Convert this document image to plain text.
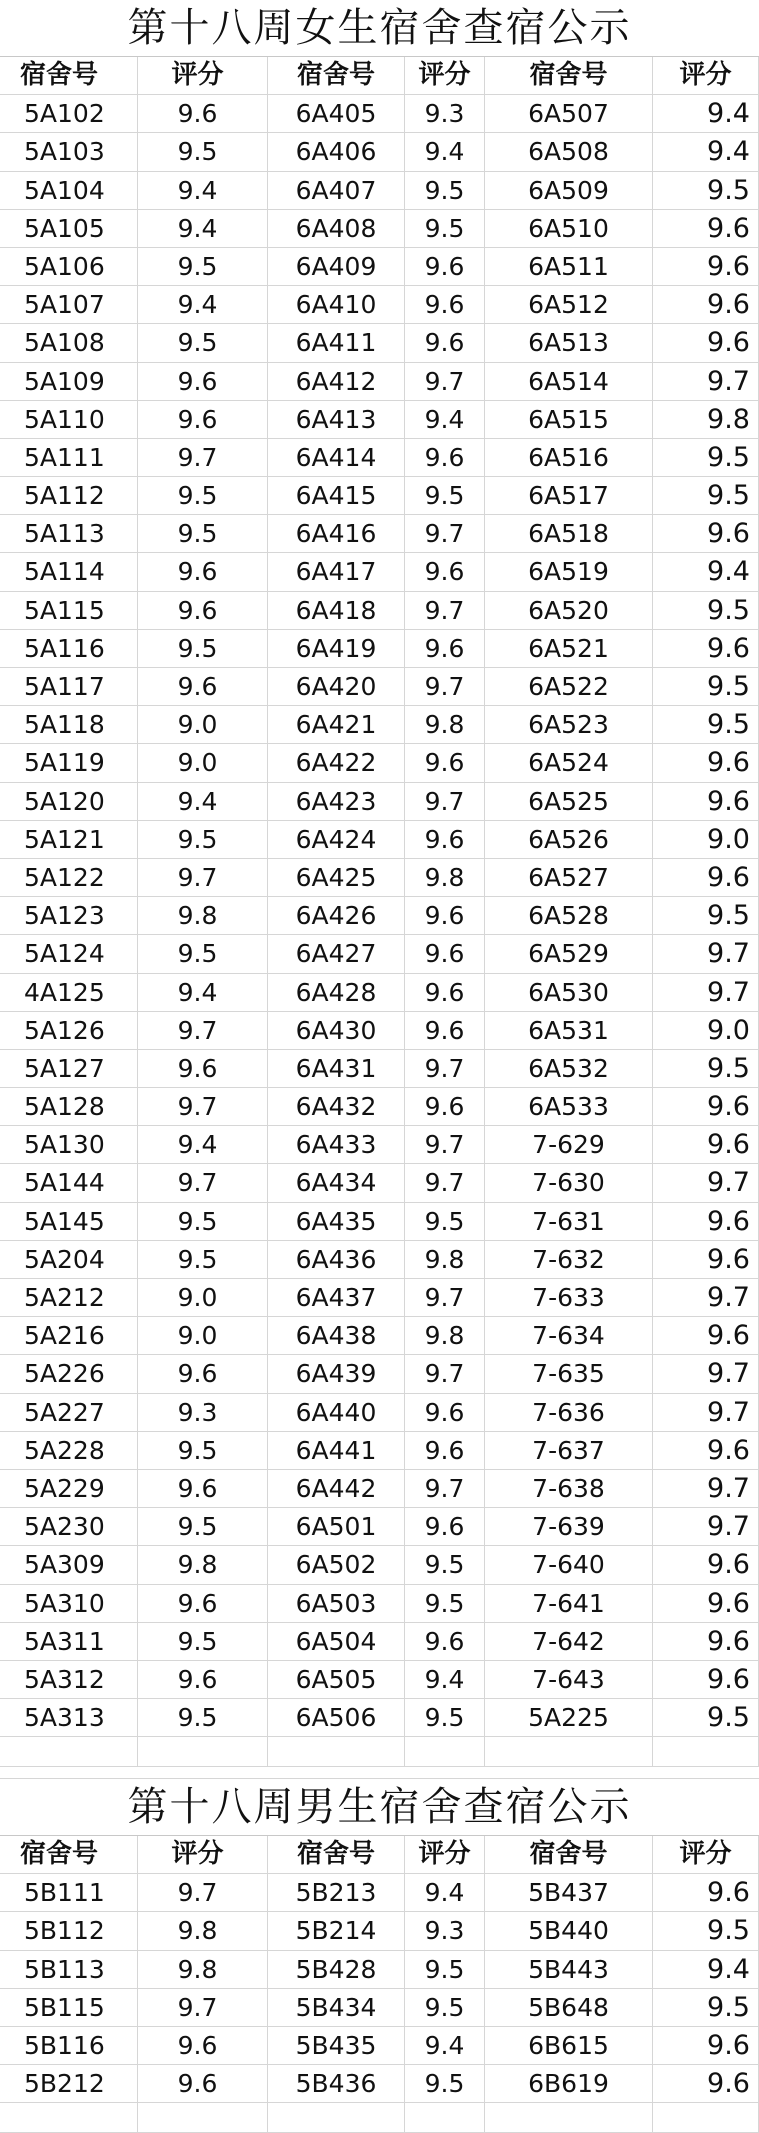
第十八周女生宿舍查宿公示
宿舍号	评分	宿舍号	评分	宿舍号	评分
5A102	9.6	6A405	9.3	6A507	9.4
5A103	9.5	6A406	9.4	6A508	9.4
5A104	9.4	6A407	9.5	6A509	9.5
5A105	9.4	6A408	9.5	6A510	9.6
5A106	9.5	6A409	9.6	6A511	9.6
5A107	9.4	6A410	9.6	6A512	9.6
5A108	9.5	6A411	9.6	6A513	9.6
5A109	9.6	6A412	9.7	6A514	9.7
5A110	9.6	6A413	9.4	6A515	9.8
5A111	9.7	6A414	9.6	6A516	9.5
5A112	9.5	6A415	9.5	6A517	9.5
5A113	9.5	6A416	9.7	6A518	9.6
5A114	9.6	6A417	9.6	6A519	9.4
5A115	9.6	6A418	9.7	6A520	9.5
5A116	9.5	6A419	9.6	6A521	9.6
5A117	9.6	6A420	9.7	6A522	9.5
5A118	9.0	6A421	9.8	6A523	9.5
5A119	9.0	6A422	9.6	6A524	9.6
5A120	9.4	6A423	9.7	6A525	9.6
5A121	9.5	6A424	9.6	6A526	9.0
5A122	9.7	6A425	9.8	6A527	9.6
5A123	9.8	6A426	9.6	6A528	9.5
5A124	9.5	6A427	9.6	6A529	9.7
4A125	9.4	6A428	9.6	6A530	9.7
5A126	9.7	6A430	9.6	6A531	9.0
5A127	9.6	6A431	9.7	6A532	9.5
5A128	9.7	6A432	9.6	6A533	9.6
5A130	9.4	6A433	9.7	7-629	9.6
5A144	9.7	6A434	9.7	7-630	9.7
5A145	9.5	6A435	9.5	7-631	9.6
5A204	9.5	6A436	9.8	7-632	9.6
5A212	9.0	6A437	9.7	7-633	9.7
5A216	9.0	6A438	9.8	7-634	9.6
5A226	9.6	6A439	9.7	7-635	9.7
5A227	9.3	6A440	9.6	7-636	9.7
5A228	9.5	6A441	9.6	7-637	9.6
5A229	9.6	6A442	9.7	7-638	9.7
5A230	9.5	6A501	9.6	7-639	9.7
5A309	9.8	6A502	9.5	7-640	9.6
5A310	9.6	6A503	9.5	7-641	9.6
5A311	9.5	6A504	9.6	7-642	9.6
5A312	9.6	6A505	9.4	7-643	9.6
5A313	9.5	6A506	9.5	5A225	9.5
第十八周男生宿舍查宿公示
宿舍号	评分	宿舍号	评分	宿舍号	评分
5B111	9.7	5B213	9.4	5B437	9.6
5B112	9.8	5B214	9.3	5B440	9.5
5B113	9.8	5B428	9.5	5B443	9.4
5B115	9.7	5B434	9.5	5B648	9.5
5B116	9.6	5B435	9.4	6B615	9.6
5B212	9.6	5B436	9.5	6B619	9.6
